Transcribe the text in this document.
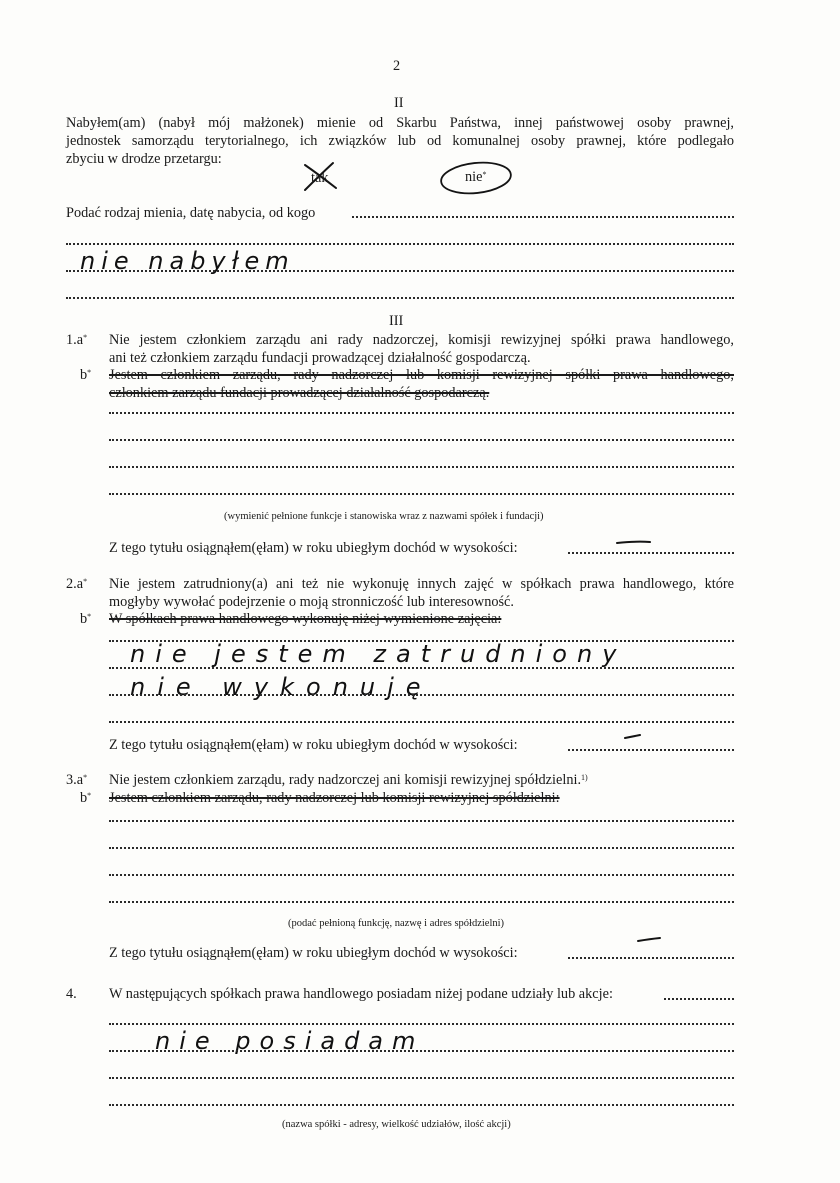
2
II
Nabyłem(am) (nabył mój małżonek) mienie od Skarbu Państwa, innej państwowej osoby prawnej,
jednostek samorządu terytorialnego, ich związków lub od komunalnej osoby prawnej, które podlegało
zbyciu w drodze przetargu:
tak	nie*
Podać rodzaj mienia, datę nabycia, od kogo
nie nabyłem
III
1.a* Nie jestem członkiem zarządu ani rady nadzorczej, komisji rewizyjnej spółki prawa handlowego,
ani też członkiem zarządu fundacji prowadzącej działalność gospodarczą.
b* Jestem członkiem zarządu, rady nadzorczej lub komisji rewizyjnej spółki prawa handlowego,
członkiem zarządu fundacji prowadzącej działalność gospodarczą.
(wymienić pełnione funkcje i stanowiska wraz z nazwami spółek i fundacji)
Z tego tytułu osiągnąłem(ęłam) w roku ubiegłym dochód w wysokości:
2.a* Nie jestem zatrudniony(a) ani też nie wykonuję innych zajęć w spółkach prawa handlowego, które
mogłyby wywołać podejrzenie o moją stronniczość lub interesowność.
b* W spółkach prawa handlowego wykonuję niżej wymienione zajęcia:
nie jestem zatrudniony
nie wykonuję
Z tego tytułu osiągnąłem(ęłam) w roku ubiegłym dochód w wysokości:
3.a* Nie jestem członkiem zarządu, rady nadzorczej ani komisji rewizyjnej spółdzielni.$^{1)}$
b* Jestem członkiem zarządu, rady nadzorczej lub komisji rewizyjnej spółdzielni:
(podać pełnioną funkcję, nazwę i adres spółdzielni)
Z tego tytułu osiągnąłem(ęłam) w roku ubiegłym dochód w wysokości:
4. W następujących spółkach prawa handlowego posiadam niżej podane udziały lub akcje:
nie posiadam
(nazwa spółki - adresy, wielkość udziałów, ilość akcji)
